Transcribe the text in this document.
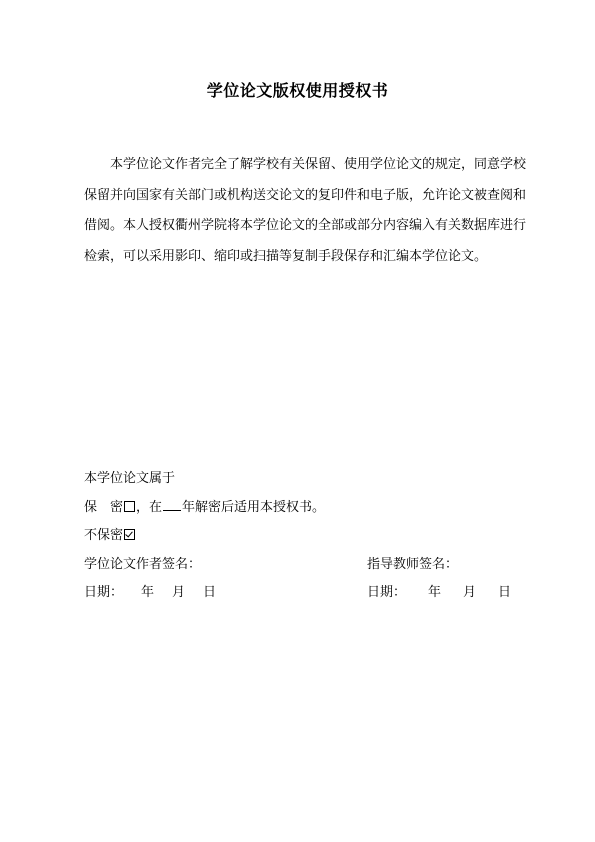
学位论文版权使用授权书
　　本学位论文作者完全了解学校有关保留、使用学位论文的规定，同意学校
保留并向国家有关部门或机构送交论文的复印件和电子版，允许论文被查阅和
借阅。本人授权衢州学院将本学位论文的全部或部分内容编入有关数据库进行
检索，可以采用影印、缩印或扫描等复制手段保存和汇编本学位论文。
本学位论文属于
保　密 ，在 年解密后适用本授权书。
不保密
学位论文作者签名：	指导教师签名：
日期： 年 月 日	日期： 年 月 日
